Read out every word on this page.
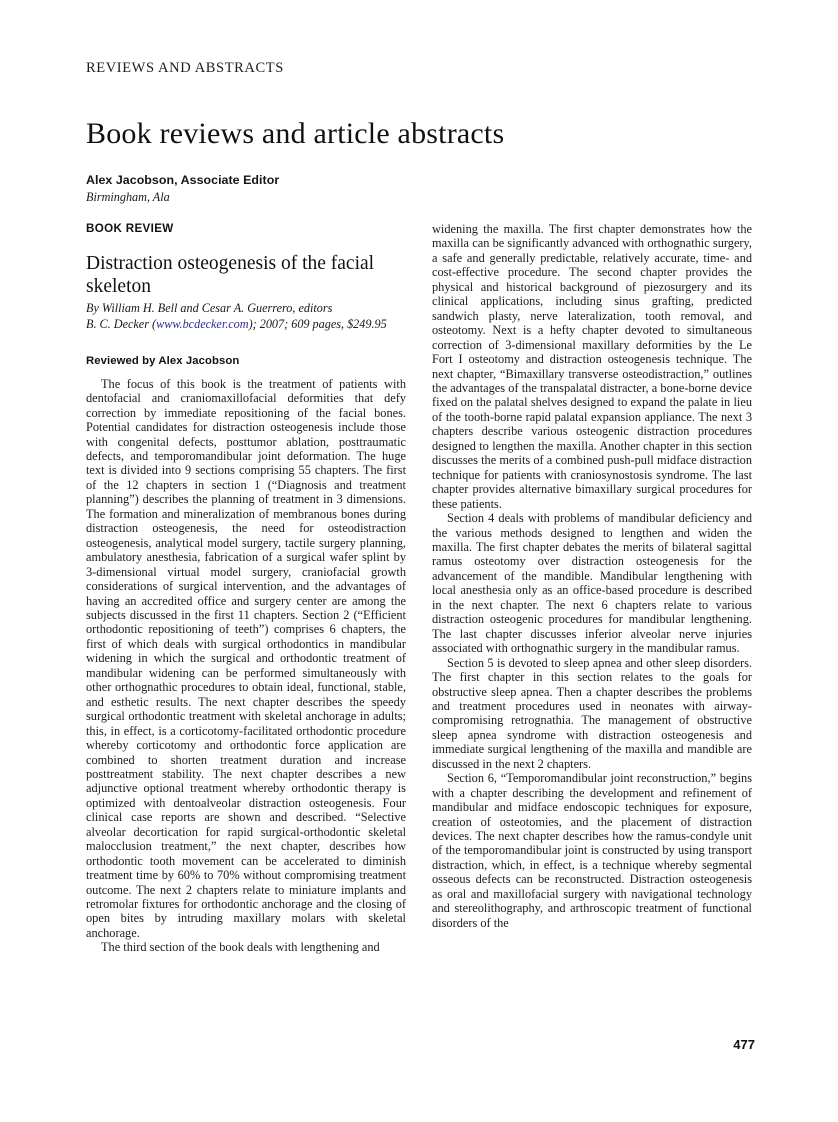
REVIEWS AND ABSTRACTS
Book reviews and article abstracts
Alex Jacobson, Associate Editor
Birmingham, Ala
BOOK REVIEW
Distraction osteogenesis of the facial
skeleton
By William H. Bell and Cesar A. Guerrero, editors
B. C. Decker (www.bcdecker.com); 2007; 609 pages, $249.95
Reviewed by Alex Jacobson

The focus of this book is the treatment of patients with dentofacial and craniomaxillofacial deformities that defy correction by immediate repositioning of the facial bones. Potential candidates for distraction osteogenesis include those with congenital defects, posttumor ablation, posttraumatic defects, and temporomandibular joint deformation. The huge text is divided into 9 sections comprising 55 chapters. The first of the 12 chapters in section 1 (“Diagnosis and treatment planning”) describes the planning of treatment in 3 dimensions. The formation and mineralization of membranous bones during distraction osteogenesis, the need for osteodistraction osteogenesis, analytical model surgery, tactile surgery planning, ambulatory anesthesia, fabrication of a surgical wafer splint by 3-dimensional virtual model surgery, craniofacial growth considerations of surgical intervention, and the advantages of having an accredited office and surgery center are among the subjects discussed in the first 11 chapters. Section 2 (“Efficient orthodontic repositioning of teeth”) comprises 6 chapters, the first of which deals with surgical orthodontics in mandibular widening in which the surgical and orthodontic treatment of mandibular widening can be performed simultaneously with other orthognathic procedures to obtain ideal, functional, stable, and esthetic results. The next chapter describes the speedy surgical orthodontic treatment with skeletal anchorage in adults; this, in effect, is a corticotomy-facilitated orthodontic procedure whereby corticotomy and orthodontic force application are combined to shorten treatment duration and increase posttreatment stability. The next chapter describes a new adjunctive optional treatment whereby orthodontic therapy is optimized with dentoalveolar distraction osteogenesis. Four clinical case reports are shown and described. “Selective alveolar decortication for rapid surgical-orthodontic skeletal malocclusion treatment,” the next chapter, describes how orthodontic tooth movement can be accelerated to diminish treatment time by 60% to 70% without compromising treatment outcome. The next 2 chapters relate to miniature implants and retromolar fixtures for orthodontic anchorage and the closing of open bites by intruding maxillary molars with skeletal anchorage.

The third section of the book deals with lengthening and

widening the maxilla. The first chapter demonstrates how the maxilla can be significantly advanced with orthognathic surgery, a safe and generally predictable, relatively accurate, time- and cost-effective procedure. The second chapter provides the physical and historical background of piezosurgery and its clinical applications, including sinus grafting, predicted sandwich plasty, nerve lateralization, tooth removal, and osteotomy. Next is a hefty chapter devoted to simultaneous correction of 3-dimensional maxillary deformities by the Le Fort I osteotomy and distraction osteogenesis technique. The next chapter, “Bimaxillary transverse osteodistraction,” outlines the advantages of the transpalatal distracter, a bone-borne device fixed on the palatal shelves designed to expand the palate in lieu of the tooth-borne rapid palatal expansion appliance. The next 3 chapters describe various osteogenic distraction procedures designed to lengthen the maxilla. Another chapter in this section discusses the merits of a combined push-pull midface distraction technique for patients with craniosynostosis syndrome. The last chapter provides alternative bimaxillary surgical procedures for these patients.

Section 4 deals with problems of mandibular deficiency and the various methods designed to lengthen and widen the maxilla. The first chapter debates the merits of bilateral sagittal ramus osteotomy over distraction osteogenesis for the advancement of the mandible. Mandibular lengthening with local anesthesia only as an office-based procedure is described in the next chapter. The next 6 chapters relate to various distraction osteogenic procedures for mandibular lengthening. The last chapter discusses inferior alveolar nerve injuries associated with orthognathic surgery in the mandibular ramus.

Section 5 is devoted to sleep apnea and other sleep disorders. The first chapter in this section relates to the goals for obstructive sleep apnea. Then a chapter describes the problems and treatment procedures used in neonates with airway-compromising retrognathia. The management of obstructive sleep apnea syndrome with distraction osteogenesis and immediate surgical lengthening of the maxilla and mandible are discussed in the next 2 chapters.

Section 6, “Temporomandibular joint reconstruction,” begins with a chapter describing the development and refinement of mandibular and midface endoscopic techniques for exposure, creation of osteotomies, and the placement of distraction devices. The next chapter describes how the ramus-condyle unit of the temporomandibular joint is constructed by using transport distraction, which, in effect, is a technique whereby segmental osseous defects can be reconstructed. Distraction osteogenesis as oral and maxillofacial surgery with navigational technology and stereolithography, and arthroscopic treatment of functional disorders of the

477
